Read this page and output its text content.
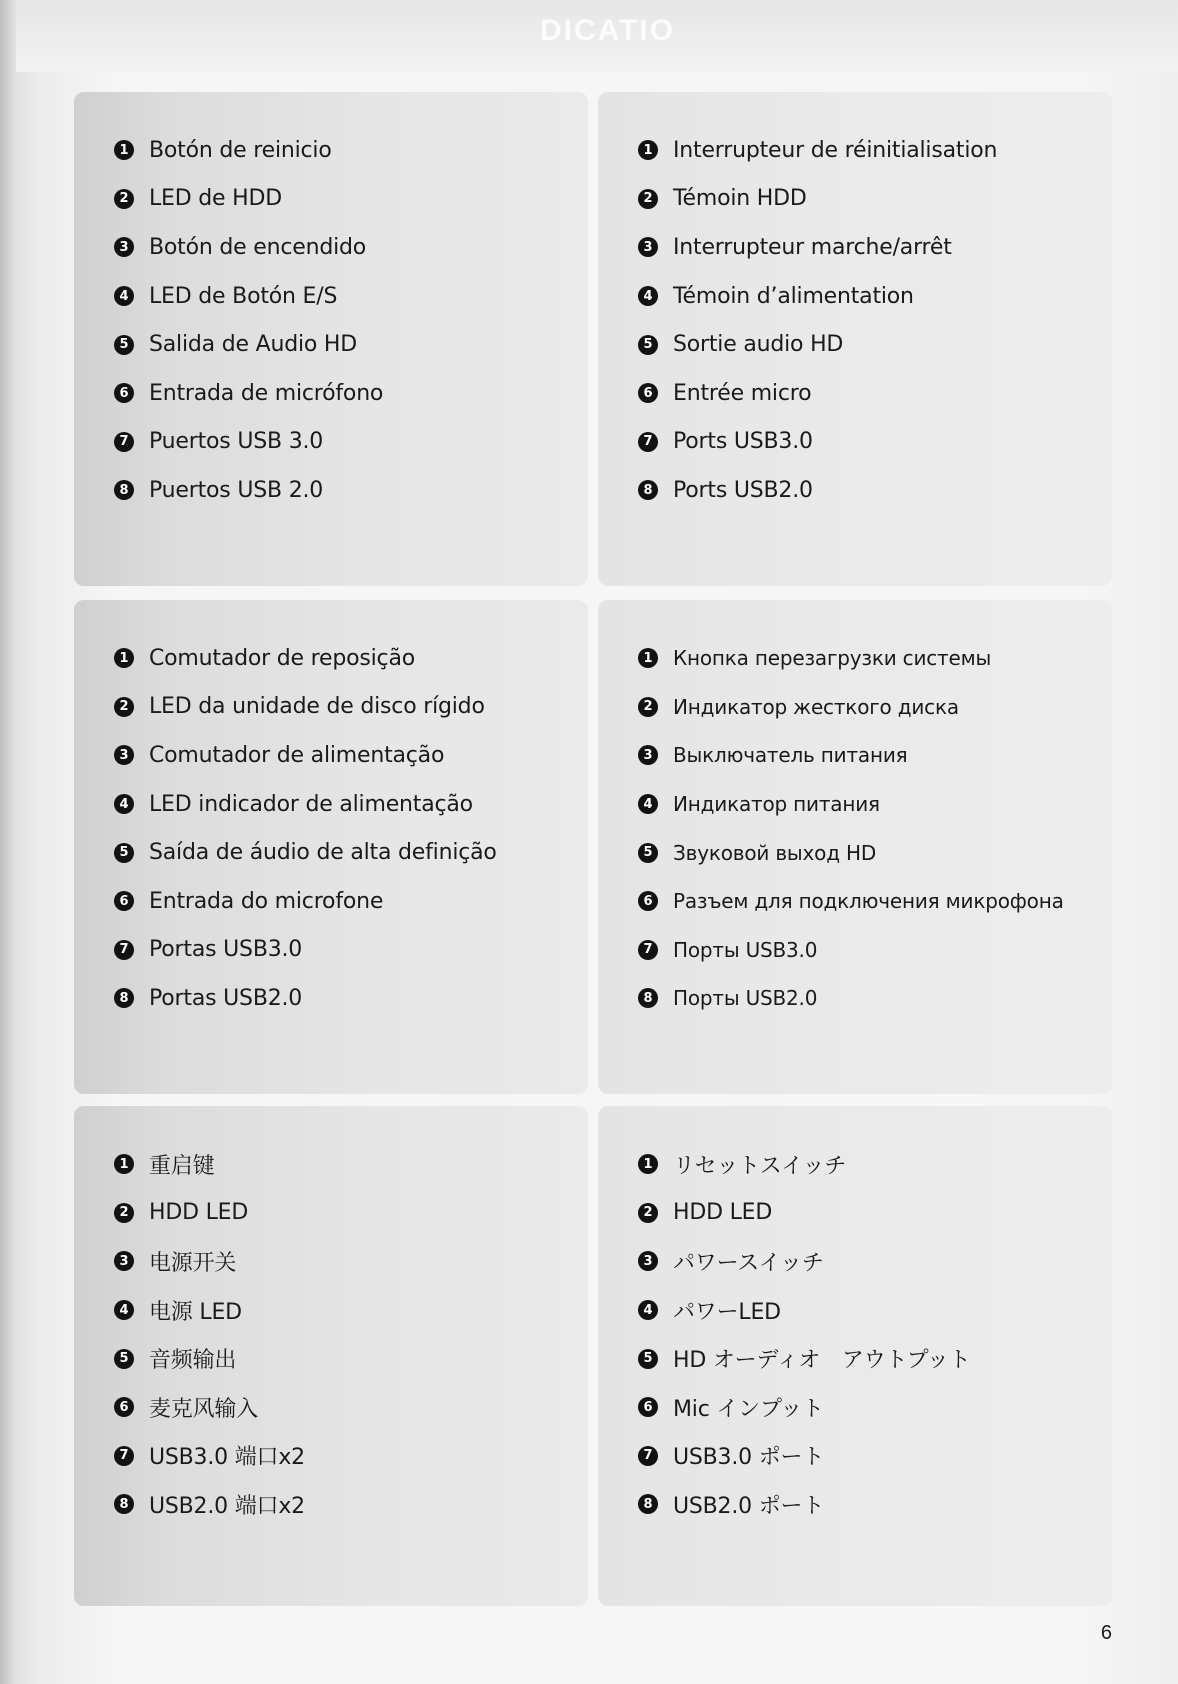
DICATIO
1 Botón de reinicio
2 LED de HDD
3 Botón de encendido
4 LED de Botón E/S
5 Salida de Audio HD
6 Entrada de micrófono
7 Puertos USB 3.0
8 Puertos USB 2.0
1 Interrupteur de réinitialisation
2 Témoin HDD
3 Interrupteur marche/arrêt
4 Témoin d’alimentation
5 Sortie audio HD
6 Entrée micro
7 Ports USB3.0
8 Ports USB2.0
1 Comutador de reposição
2 LED da unidade de disco rígido
3 Comutador de alimentação
4 LED indicador de alimentação
5 Saída de áudio de alta definição
6 Entrada do microfone
7 Portas USB3.0
8 Portas USB2.0
1 Кнопка перезагрузки системы
2 Индикатор жесткого диска
3 Выключатель питания
4 Индикатор питания
5 Звуковой выход HD
6 Разъем для подключения микрофона
7 Порты USB3.0
8 Порты USB2.0
1 重启键
2 HDD LED
3 电源开关
4 电源 LED
5 音频输出
6 麦克风输入
7 USB3.0 端口x2
8 USB2.0 端口x2
1 リセットスイッチ
2 HDD LED
3 パワースイッチ
4 パワーLED
5 HD オーディオ　アウトプット
6 Mic インプット
7 USB3.0 ポート
8 USB2.0 ポート
6
